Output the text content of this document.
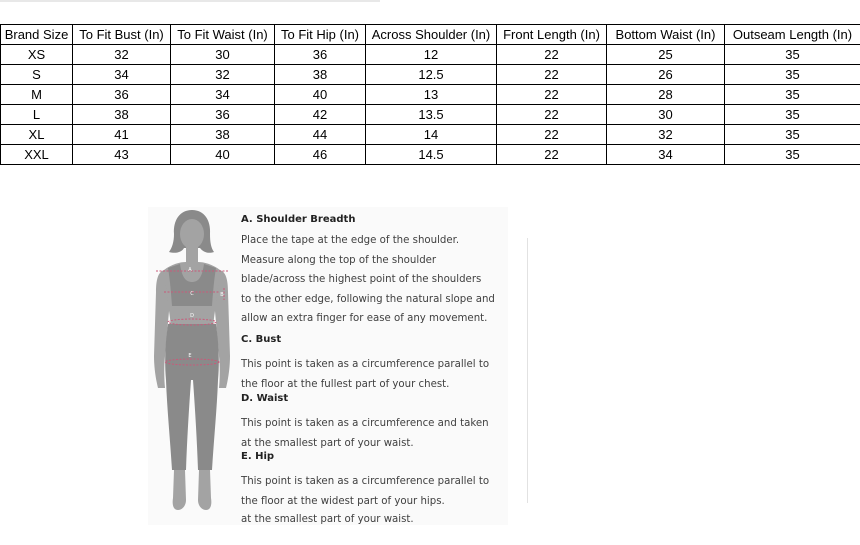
Brand Size	To Fit Bust (In)	To Fit Waist (In)	To Fit Hip (In)	Across Shoulder (In)	Front Length (In)	Bottom Waist (In)	Outseam Length (In)
XS	32	30	36	12	22	25	35
S	34	32	38	12.5	22	26	35
M	36	34	40	13	22	28	35
L	38	36	42	13.5	22	30	35
XL	41	38	44	14	22	32	35
XXL	43	40	46	14.5	22	34	35
A
B
C
D
E
A. Shoulder Breadth
Place the tape at the edge of the shoulder.
Measure along the top of the shoulder
blade/across the highest point of the shoulders
to the other edge, following the natural slope and
allow an extra finger for ease of any movement.
C. Bust
This point is taken as a circumference parallel to
the floor at the fullest part of your chest.
D. Waist
This point is taken as a circumference and taken
at the smallest part of your waist.
E. Hip
This point is taken as a circumference parallel to
the floor at the widest part of your hips.
at the smallest part of your waist.
